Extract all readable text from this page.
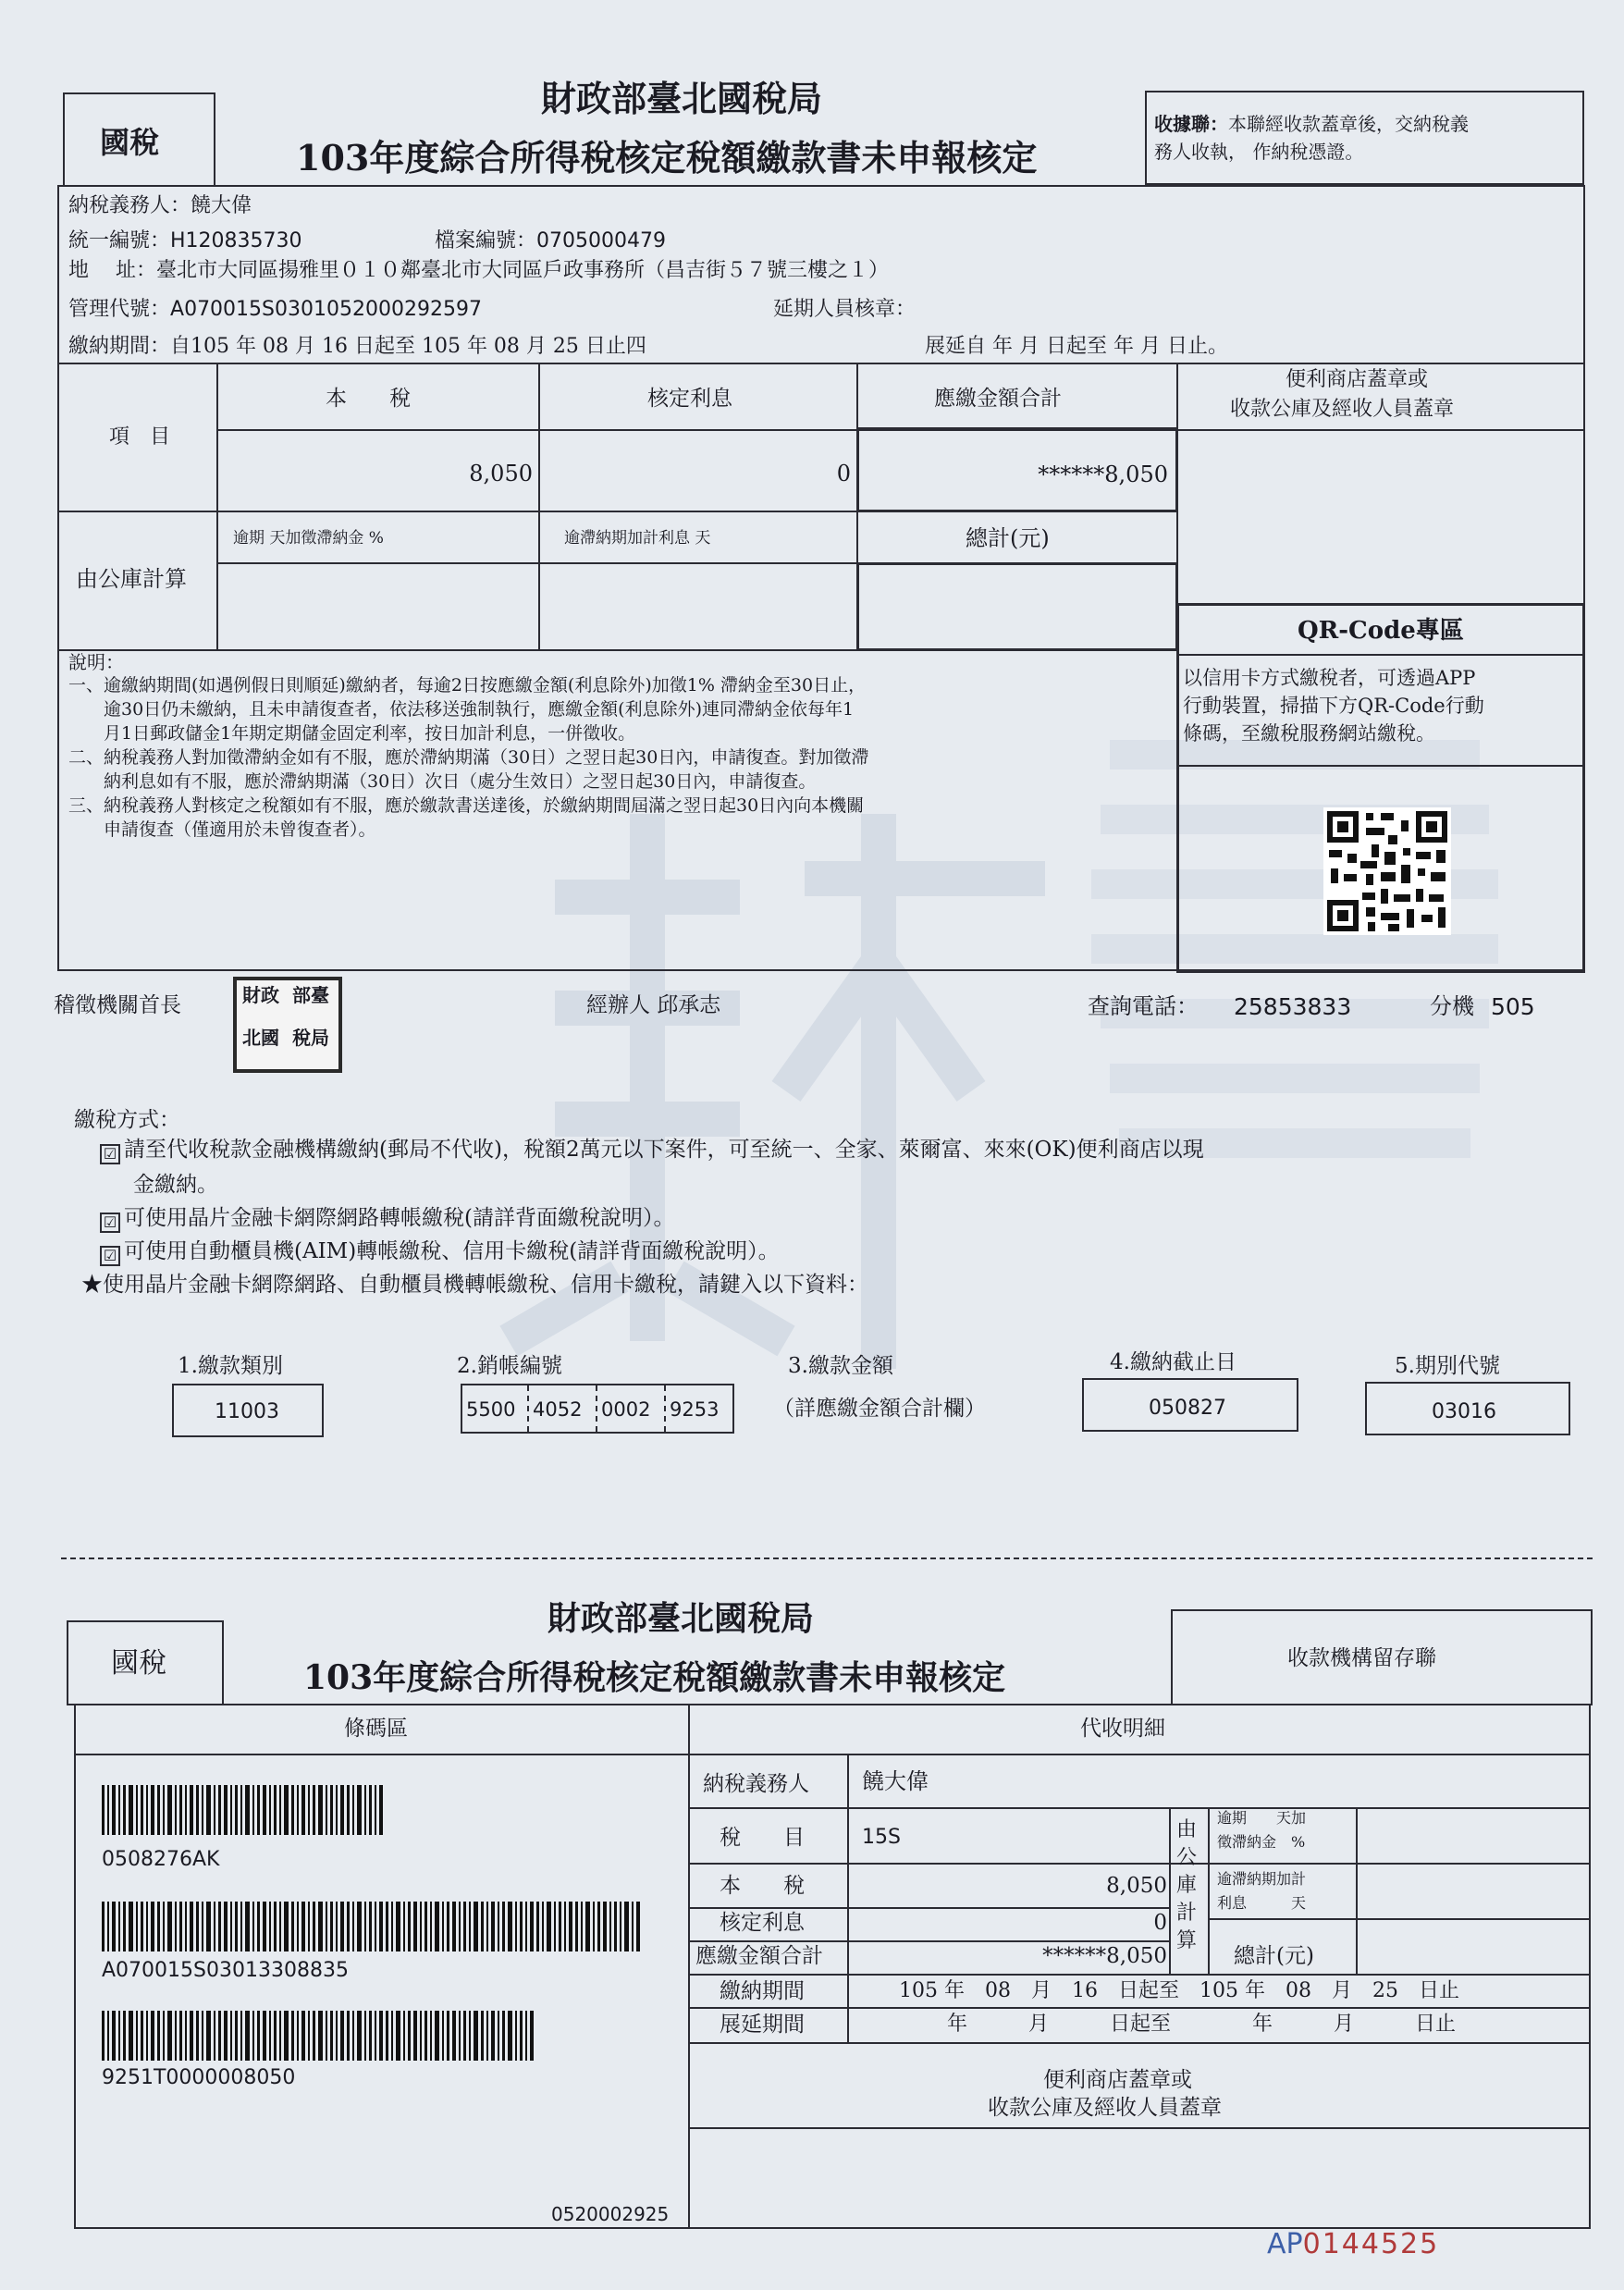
國稅
財政部臺北國稅局
103年度綜合所得稅核定稅額繳款書未申報核定
收據聯：本聯經收款蓋章後，交納稅義
務人收執， 作納稅憑證。
納稅義務人：饒大偉
統一編號：H120835730	檔案編號：0705000479
地　 址：臺北市大同區揚雅里０１０鄰臺北市大同區戶政事務所（昌吉街５７號三樓之１）
管理代號：A070015S0301052000292597	延期人員核章：
繳納期間：自105 年 08 月 16 日起至 105 年 08 月 25 日止四	展延自 年 月 日起至 年 月 日止。
項　目
本　　稅	核定利息	應繳金額合計
便利商店蓋章或
收款公庫及經收人員蓋章
8,050	0	******8,050
由公庫計算
逾期 天加徵滯納金 %	逾滯納期加計利息 天	總計(元)
QR-Code專區
以信用卡方式繳稅者，可透過APP
行動裝置，掃描下方QR-Code行動
條碼，至繳稅服務網站繳稅。
說明：
一、逾繳納期間(如遇例假日則順延)繳納者，每逾2日按應繳金額(利息除外)加徵1% 滯納金至30日止，
　　逾30日仍未繳納，且未申請復查者，依法移送強制執行，應繳金額(利息除外)連同滯納金依每年1
　　月1日郵政儲金1年期定期儲金固定利率，按日加計利息，一併徵收。
二、納稅義務人對加徵滯納金如有不服，應於滯納期滿（30日）之翌日起30日內，申請復查。對加徵滯
　　納利息如有不服，應於滯納期滿（30日）次日（處分生效日）之翌日起30日內，申請復查。
三、納稅義務人對核定之稅額如有不服，應於繳款書送達後，於繳納期間屆滿之翌日起30日內向本機關
　　申請復查（僅適用於未曾復查者）。
稽徵機關首長	財政 部臺
北國 稅局
經辦人 邱承志	查詢電話： 25853833	分機 505
繳稅方式：
☑ 請至代收稅款金融機構繳納(郵局不代收)，稅額2萬元以下案件，可至統一、全家、萊爾富、來來(OK)便利商店以現
金繳納。
☑ 可使用晶片金融卡網際網路轉帳繳稅(請詳背面繳稅說明）。
☑ 可使用自動櫃員機(AIM)轉帳繳稅、信用卡繳稅(請詳背面繳稅說明）。
★使用晶片金融卡網際網路、自動櫃員機轉帳繳稅、信用卡繳稅，請鍵入以下資料：
1.繳款類別
11003
2.銷帳編號
5500 4052 0002 9253
3.繳款金額
（詳應繳金額合計欄）
4.繳納截止日
050827
5.期別代號
03016
國稅
財政部臺北國稅局
103年度綜合所得稅核定稅額繳款書未申報核定	收款機構留存聯
條碼區	代收明細
0508276AK
A070015S03013308835
9251T0000008050
0520002925
納稅義務人 饒大偉
稅　　目	15S
本　　稅	8,050
核定利息	0
應繳金額合計	******8,050
由公庫計算
逾期　　天加
徵滯納金　%
逾滯納期加計
利息　　　天
總計(元)
繳納期間	105 年　08　月　16　日起至　105 年　08　月　25　日止
展延期間	年　　　月　　　日起至　　　　年　　　月　　　日止
便利商店蓋章或
收款公庫及經收人員蓋章
AP0144525
